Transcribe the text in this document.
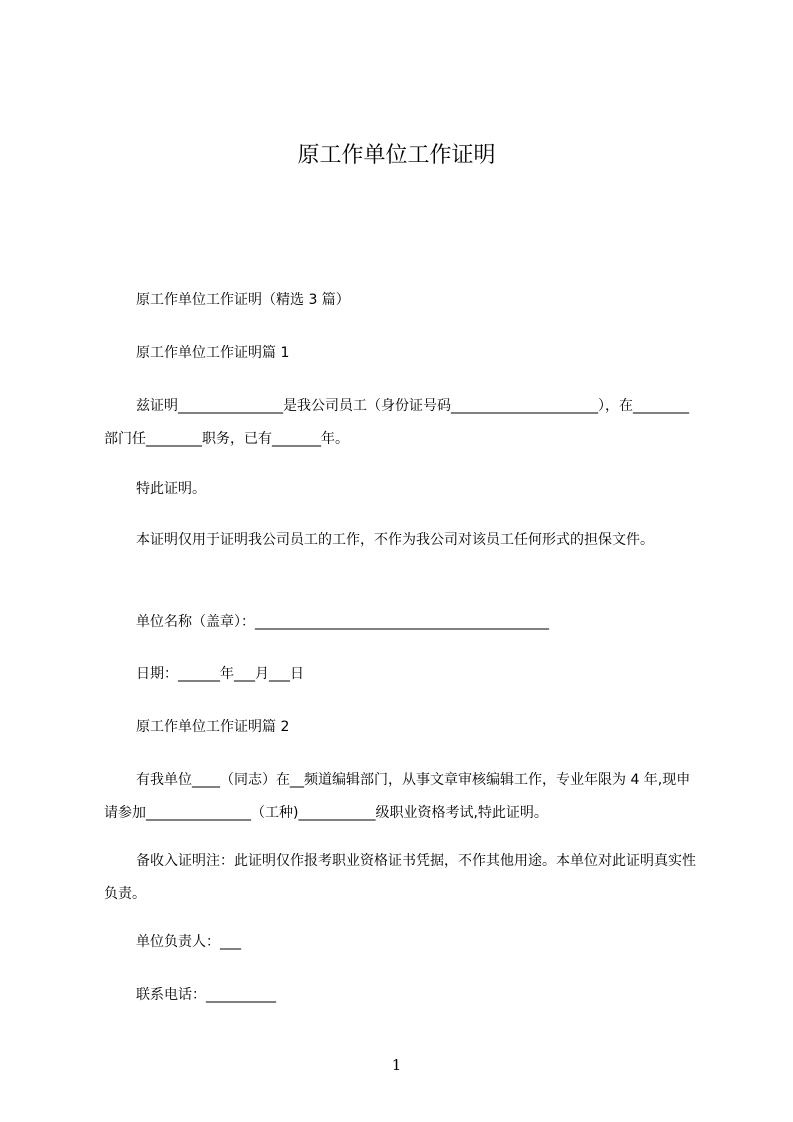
原工作单位工作证明

原工作单位工作证明（精选 3 篇）

原工作单位工作证明篇 1

兹证明_______________是我公司员工（身份证号码_____________________），在________部门任________职务，已有_______年。

特此证明。

本证明仅用于证明我公司员工的工作，不作为我公司对该员工任何形式的担保文件。

单位名称（盖章）：__________________________________________

日期：______年___月___日

原工作单位工作证明篇 2

有我单位____（同志）在__频道编辑部门，从事文章审核编辑工作，专业年限为 4 年,现申请参加_______________（工种)___________级职业资格考试,特此证明。

备收入证明注：此证明仅作报考职业资格证书凭据，不作其他用途。本单位对此证明真实性负责。

单位负责人：___

联系电话：__________

1
